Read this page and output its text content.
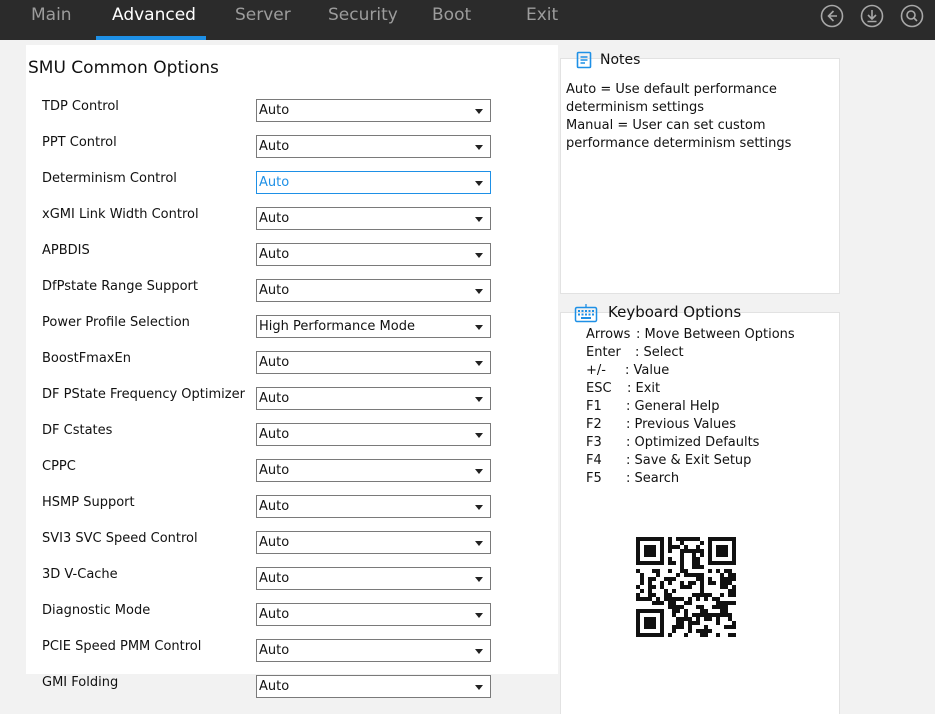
Main Advanced Server Security Boot	Exit
SMU Common Options
TDP Control	Auto
PPT Control	Auto
Determinism Control	Auto
xGMI Link Width Control	Auto
APBDIS	Auto
DfPstate Range Support	Auto
Power Profile Selection	High Performance Mode
BoostFmaxEn	Auto
DF PState Frequency Optimizer Auto
DF Cstates	Auto
CPPC	Auto
HSMP Support	Auto
SVI3 SVC Speed Control	Auto
3D V-Cache	Auto
Diagnostic Mode	Auto
PCIE Speed PMM Control	Auto
GMI Folding	Auto
Notes
Auto = Use default performance
determinism settings
Manual = User can set custom
performance determinism settings
Keyboard Options
Arrows : Move Between Options
Enter : Select
+/- : Value
ESC : Exit
F1 : General Help
F2 : Previous Values
F3 : Optimized Defaults
F4 : Save & Exit Setup
F5 : Search
